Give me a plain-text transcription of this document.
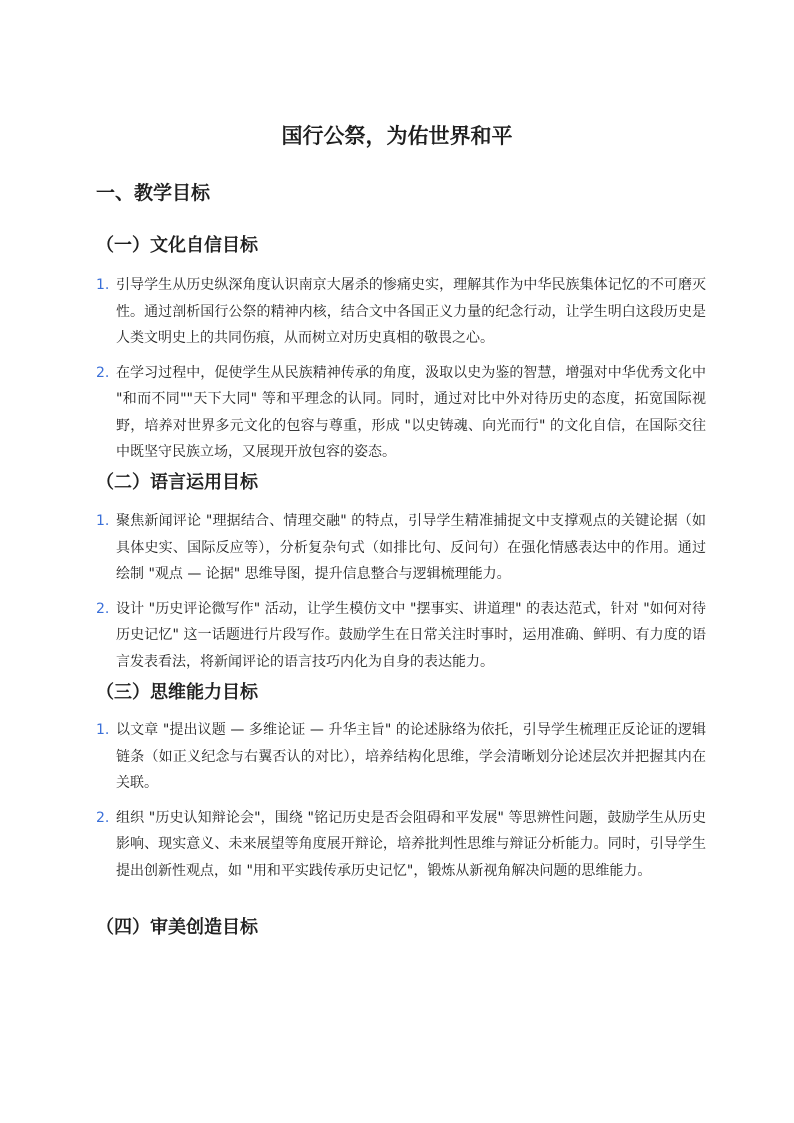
国行公祭，为佑世界和平
一、教学目标
（一）文化自信目标
1. 引导学生从历史纵深角度认识南京大屠杀的惨痛史实，理解其作为中华民族集体记忆的不可磨灭性。通过剖析国行公祭的精神内核，结合文中各国正义力量的纪念行动，让学生明白这段历史是人类文明史上的共同伤痕，从而树立对历史真相的敬畏之心。
2. 在学习过程中，促使学生从民族精神传承的角度，汲取以史为鉴的智慧，增强对中华优秀文化中 "和而不同""天下大同" 等和平理念的认同。同时，通过对比中外对待历史的态度，拓宽国际视野，培养对世界多元文化的包容与尊重，形成 "以史铸魂、向光而行" 的文化自信，在国际交往中既坚守民族立场，又展现开放包容的姿态。
（二）语言运用目标
1. 聚焦新闻评论 "理据结合、情理交融" 的特点，引导学生精准捕捉文中支撑观点的关键论据（如具体史实、国际反应等），分析复杂句式（如排比句、反问句）在强化情感表达中的作用。通过绘制 "观点 — 论据" 思维导图，提升信息整合与逻辑梳理能力。
2. 设计 "历史评论微写作" 活动，让学生模仿文中 "摆事实、讲道理" 的表达范式，针对 "如何对待历史记忆" 这一话题进行片段写作。鼓励学生在日常关注时事时，运用准确、鲜明、有力度的语言发表看法，将新闻评论的语言技巧内化为自身的表达能力。
（三）思维能力目标
1. 以文章 "提出议题 — 多维论证 — 升华主旨" 的论述脉络为依托，引导学生梳理正反论证的逻辑链条（如正义纪念与右翼否认的对比），培养结构化思维，学会清晰划分论述层次并把握其内在关联。
2. 组织 "历史认知辩论会"，围绕 "铭记历史是否会阻碍和平发展" 等思辨性问题，鼓励学生从历史影响、现实意义、未来展望等角度展开辩论，培养批判性思维与辩证分析能力。同时，引导学生提出创新性观点，如 "用和平实践传承历史记忆"，锻炼从新视角解决问题的思维能力。
（四）审美创造目标
